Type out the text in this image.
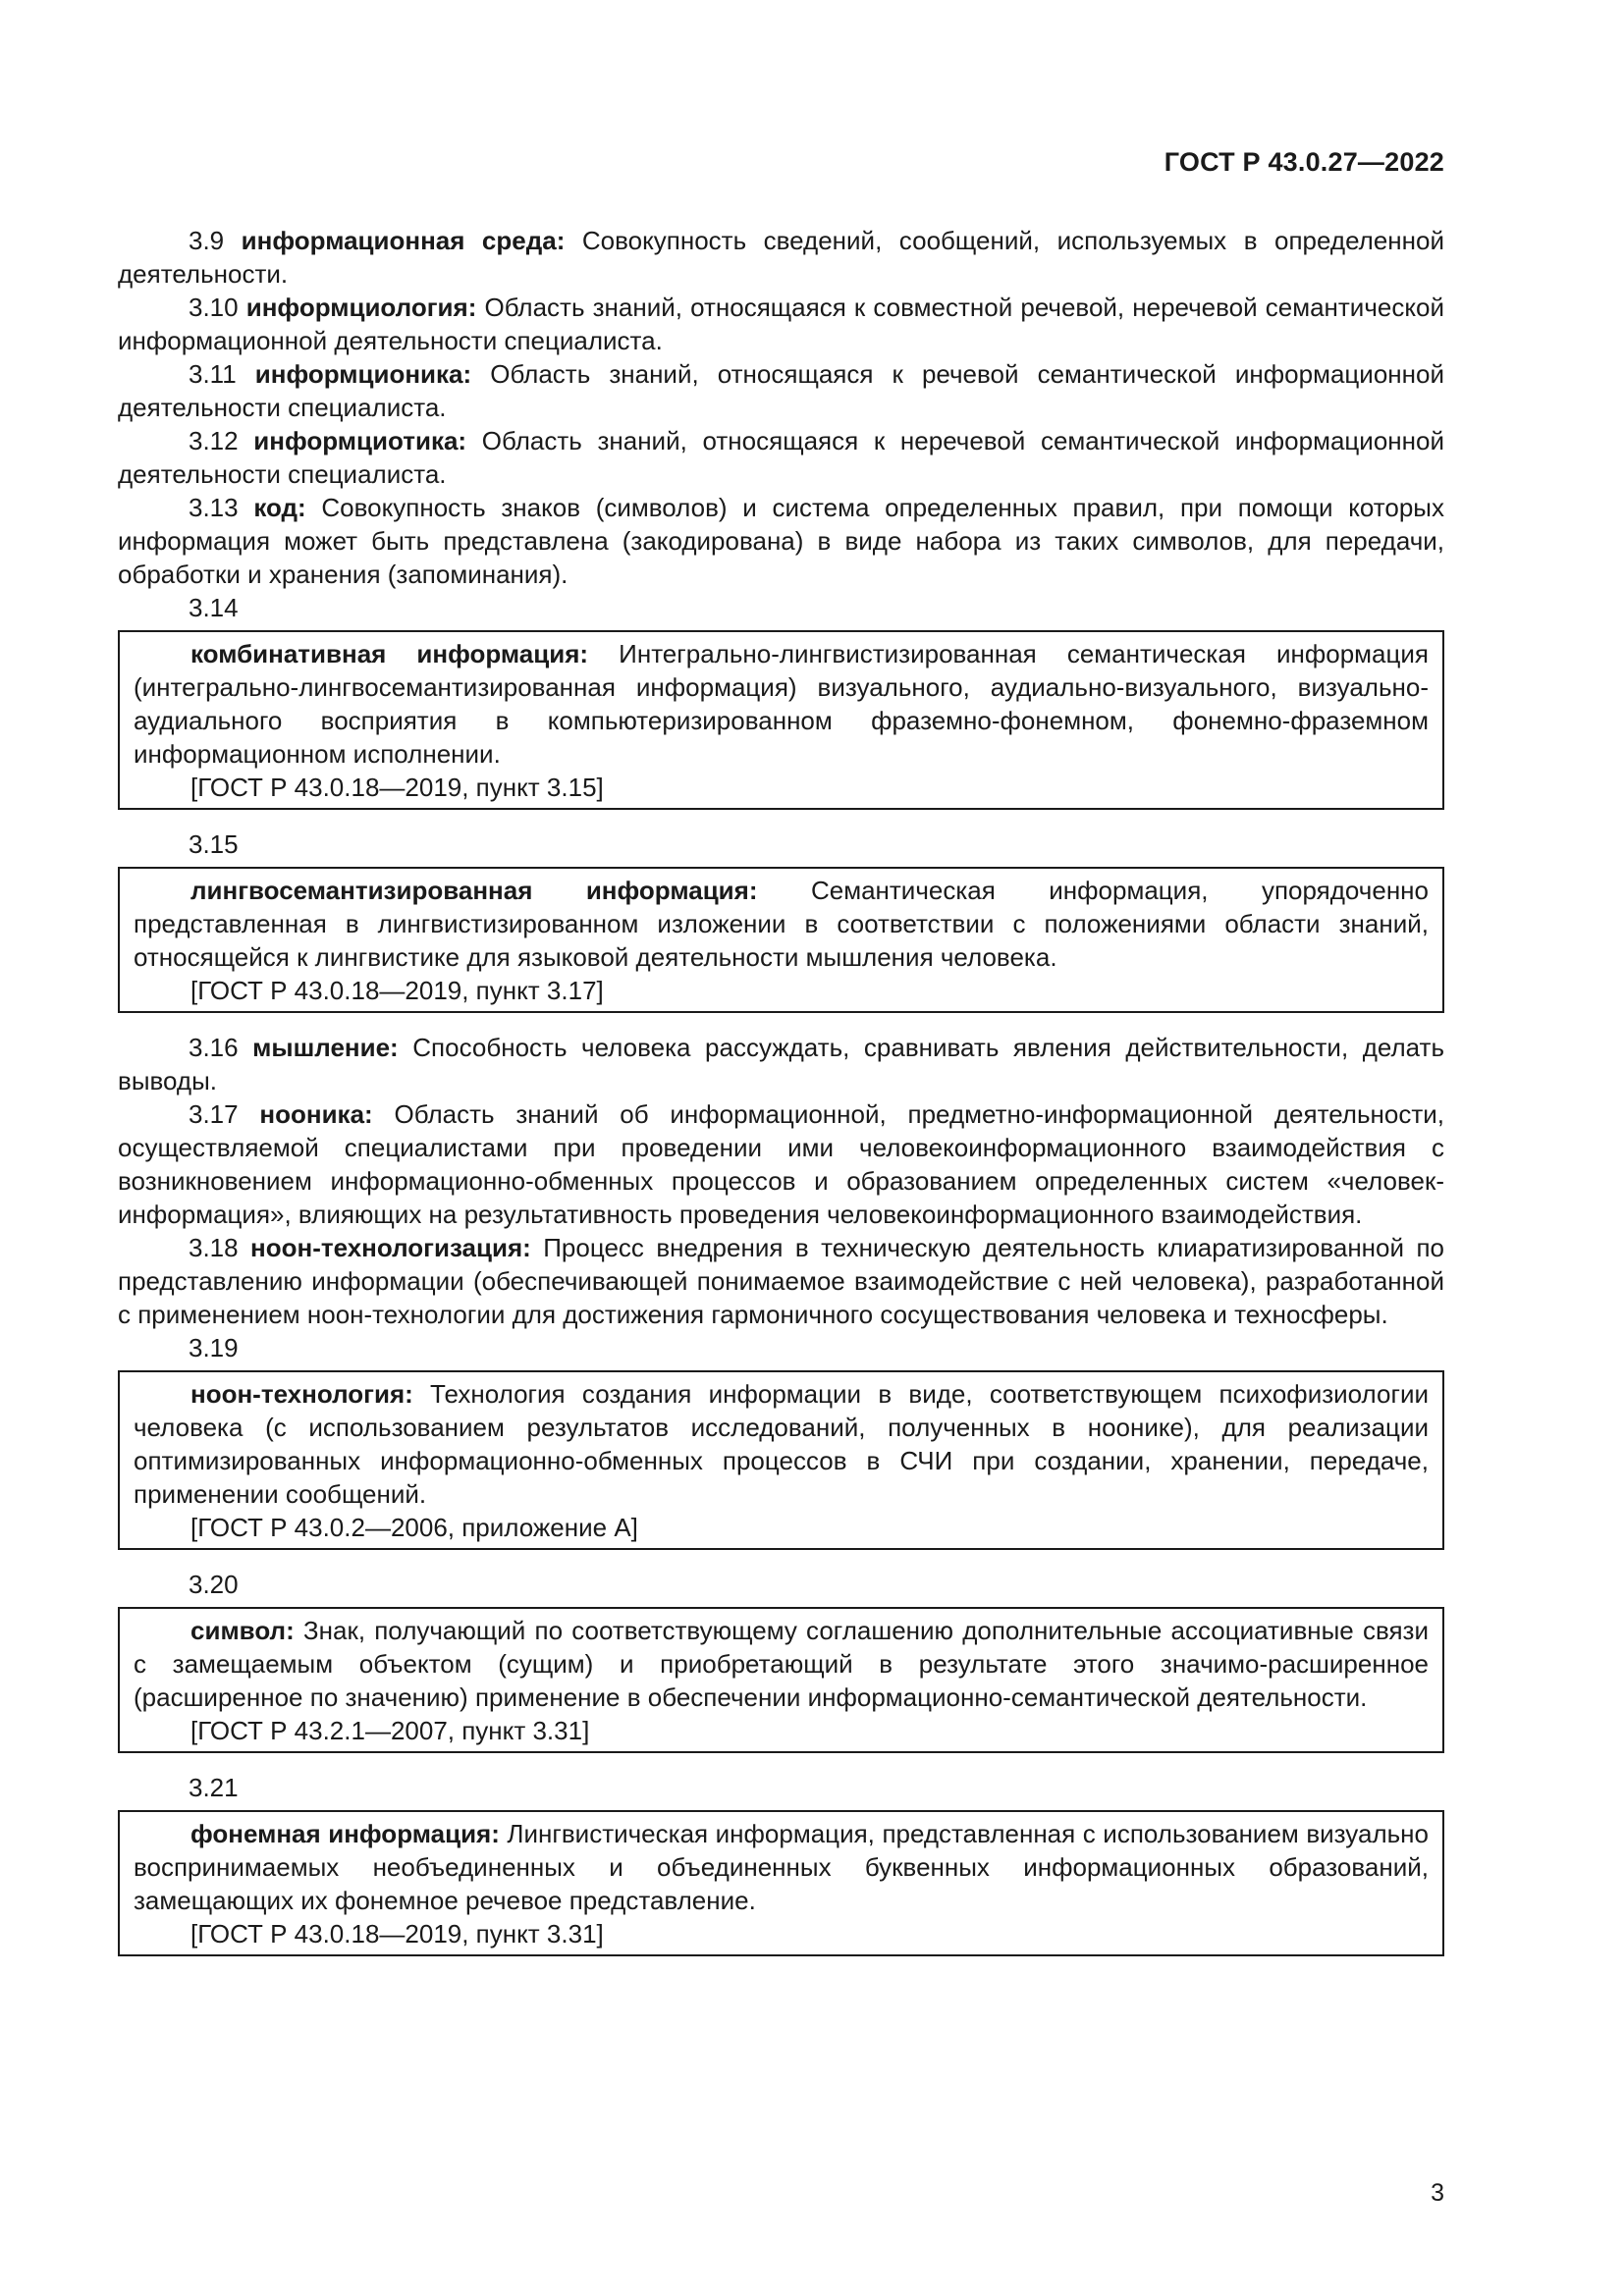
ГОСТ Р 43.0.27—2022

3.9 информационная среда: Совокупность сведений, сообщений, используемых в определенной деятельности.

3.10 информциология: Область знаний, относящаяся к совместной речевой, неречевой семантической информационной деятельности специалиста.

3.11 информционика: Область знаний, относящаяся к речевой семантической информационной деятельности специалиста.

3.12 информциотика: Область знаний, относящаяся к неречевой семантической информационной деятельности специалиста.

3.13 код: Совокупность знаков (символов) и система определенных правил, при помощи которых информация может быть представлена (закодирована) в виде набора из таких символов, для передачи, обработки и хранения (запоминания).

3.14

комбинативная информация: Интегрально-лингвистизированная семантическая информация (интегрально-лингвосемантизированная информация) визуального, аудиально-визуального, визуально-аудиального восприятия в компьютеризированном фраземно-фонемном, фонемно-фраземном информационном исполнении.

[ГОСТ Р 43.0.18—2019, пункт 3.15]

3.15

лингвосемантизированная информация: Семантическая информация, упорядоченно представленная в лингвистизированном изложении в соответствии с положениями области знаний, относящейся к лингвистике для языковой деятельности мышления человека.

[ГОСТ Р 43.0.18—2019, пункт 3.17]

3.16 мышление: Способность человека рассуждать, сравнивать явления действительности, делать выводы.

3.17 нооника: Область знаний об информационной, предметно-информационной деятельности, осуществляемой специалистами при проведении ими человекоинформационного взаимодействия с возникновением информационно-обменных процессов и образованием определенных систем «человек-информация», влияющих на результативность проведения человекоинформационного взаимодействия.

3.18 ноон-технологизация: Процесс внедрения в техническую деятельность клиаратизированной по представлению информации (обеспечивающей понимаемое взаимодействие с ней человека), разработанной с применением ноон-технологии для достижения гармоничного сосуществования человека и техносферы.

3.19

ноон-технология: Технология создания информации в виде, соответствующем психофизиологии человека (с использованием результатов исследований, полученных в ноонике), для реализации оптимизированных информационно-обменных процессов в СЧИ при создании, хранении, передаче, применении сообщений.

[ГОСТ Р 43.0.2—2006, приложение А]

3.20

символ: Знак, получающий по соответствующему соглашению дополнительные ассоциативные связи с замещаемым объектом (сущим) и приобретающий в результате этого значимо-расширенное (расширенное по значению) применение в обеспечении информационно-семантической деятельности.

[ГОСТ Р 43.2.1—2007, пункт 3.31]

3.21

фонемная информация: Лингвистическая информация, представленная с использованием визуально воспринимаемых необъединенных и объединенных буквенных информационных образований, замещающих их фонемное речевое представление.

[ГОСТ Р 43.0.18—2019, пункт 3.31]

3
